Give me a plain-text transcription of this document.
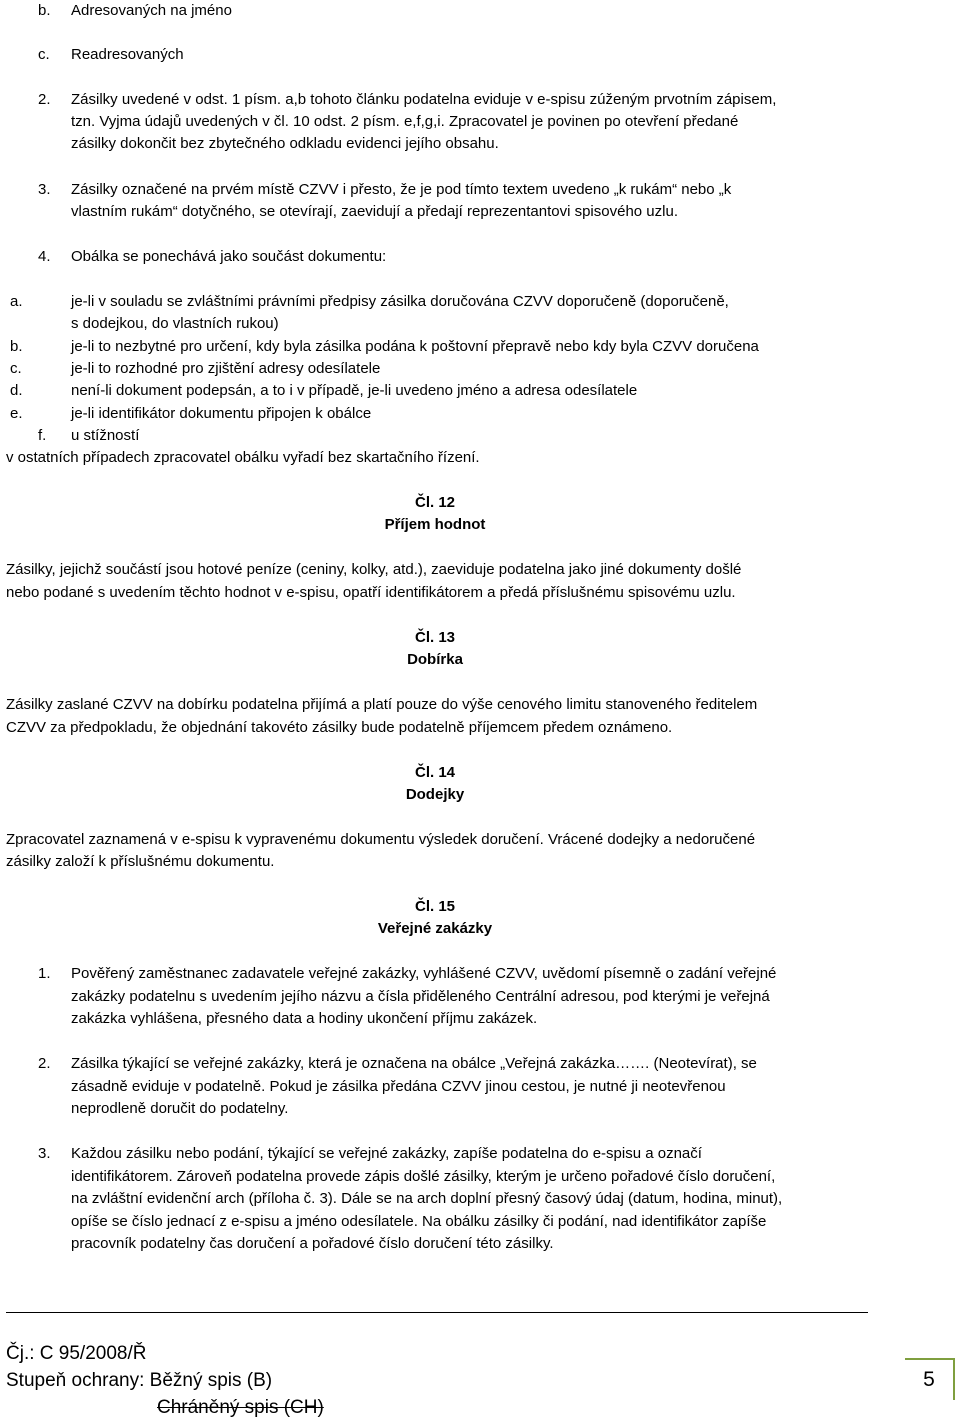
b. Adresovaných na jméno
c. Readresovaných
2. Zásilky uvedené v odst. 1 písm. a,b tohoto článku podatelna eviduje v e-spisu zúženým prvotním zápisem,
tzn. Vyjma údajů uvedených v čl. 10 odst. 2 písm. e,f,g,i. Zpracovatel je povinen po otevření předané
zásilky dokončit bez zbytečného odkladu evidenci jejího obsahu.
3. Zásilky označené na prvém místě CZVV i přesto, že je pod tímto textem uvedeno „k rukám“ nebo „k
vlastním rukám“ dotyčného, se otevírají, zaevidují a předají reprezentantovi spisového uzlu.
4. Obálka se ponechává jako součást dokumentu:
a.	je-li v souladu se zvláštními právními předpisy zásilka doručována CZVV doporučeně (doporučeně,
s dodejkou, do vlastních rukou)
b.	je-li to nezbytné pro určení, kdy byla zásilka podána k poštovní přepravě nebo kdy byla CZVV doručena
c.	je-li to rozhodné pro zjištění adresy odesílatele
d.	není-li dokument podepsán, a to i v případě, je-li uvedeno jméno a adresa odesílatele
e.	je-li identifikátor dokumentu připojen k obálce
f. u stížností
v ostatních případech zpracovatel obálku vyřadí bez skartačního řízení.
Čl. 12
Příjem hodnot
Zásilky, jejichž součástí jsou hotové peníze (ceniny, kolky, atd.), zaeviduje podatelna jako jiné dokumenty došlé
nebo podané s uvedením těchto hodnot v e-spisu, opatří identifikátorem a předá příslušnému spisovému uzlu.
Čl. 13
Dobírka
Zásilky zaslané CZVV na dobírku podatelna přijímá a platí pouze do výše cenového limitu stanoveného ředitelem
CZVV za předpokladu, že objednání takovéto zásilky bude podatelně příjemcem předem oznámeno.
Čl. 14
Dodejky
Zpracovatel zaznamená v e-spisu k vypravenému dokumentu výsledek doručení. Vrácené dodejky a nedoručené
zásilky založí k příslušnému dokumentu.
Čl. 15
Veřejné zakázky
1. Pověřený zaměstnanec zadavatele veřejné zakázky, vyhlášené CZVV, uvědomí písemně o zadání veřejné
zakázky podatelnu s uvedením jejího názvu a čísla přiděleného Centrální adresou, pod kterými je veřejná
zakázka vyhlášena, přesného data a hodiny ukončení příjmu zakázek.
2. Zásilka týkající se veřejné zakázky, která je označena na obálce „Veřejná zakázka……. (Neotevírat), se
zásadně eviduje v podatelně. Pokud je zásilka předána CZVV jinou cestou, je nutné ji neotevřenou
neprodleně doručit do podatelny.
3. Každou zásilku nebo podání, týkající se veřejné zakázky, zapíše podatelna do e-spisu a označí
identifikátorem. Zároveň podatelna provede zápis došlé zásilky, kterým je určeno pořadové číslo doručení,
na zvláštní evidenční arch (příloha č. 3). Dále se na arch doplní přesný časový údaj (datum, hodina, minut),
opíše se číslo jednací z e-spisu a jméno odesílatele. Na obálku zásilky či podání, nad identifikátor zapíše
pracovník podatelny čas doručení a pořadové číslo doručení této zásilky.
Čj.: C 95/2008/Ř
Stupeň ochrany: Běžný spis (B)
Chráněný spis (CH)
5
